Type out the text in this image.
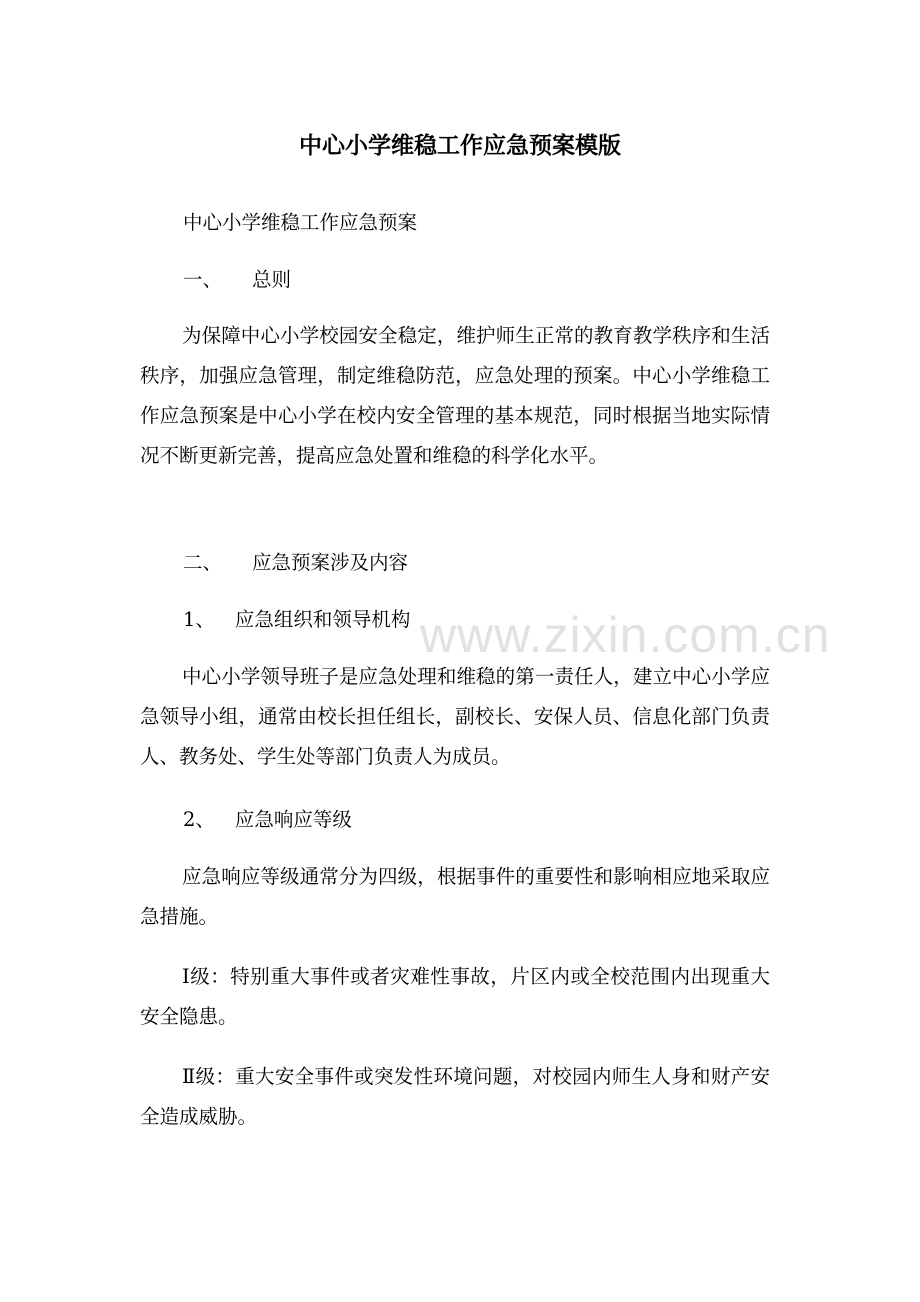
www.zixin.com.cn
中心小学维稳工作应急预案模版
中心小学维稳工作应急预案
一、 总则

为保障中心小学校园安全稳定，维护师生正常的教育教学秩序和生活秩序，加强应急管理，制定维稳防范，应急处理的预案。中心小学维稳工作应急预案是中心小学在校内安全管理的基本规范，同时根据当地实际情况不断更新完善，提高应急处置和维稳的科学化水平。

二、 应急预案涉及内容
1、 应急组织和领导机构

中心小学领导班子是应急处理和维稳的第一责任人，建立中心小学应急领导小组，通常由校长担任组长，副校长、安保人员、信息化部门负责人、教务处、学生处等部门负责人为成员。

2、 应急响应等级

应急响应等级通常分为四级，根据事件的重要性和影响相应地采取应急措施。

Ⅰ级：特别重大事件或者灾难性事故，片区内或全校范围内出现重大安全隐患。

Ⅱ级：重大安全事件或突发性环境问题，对校园内师生人身和财产安全造成威胁。
